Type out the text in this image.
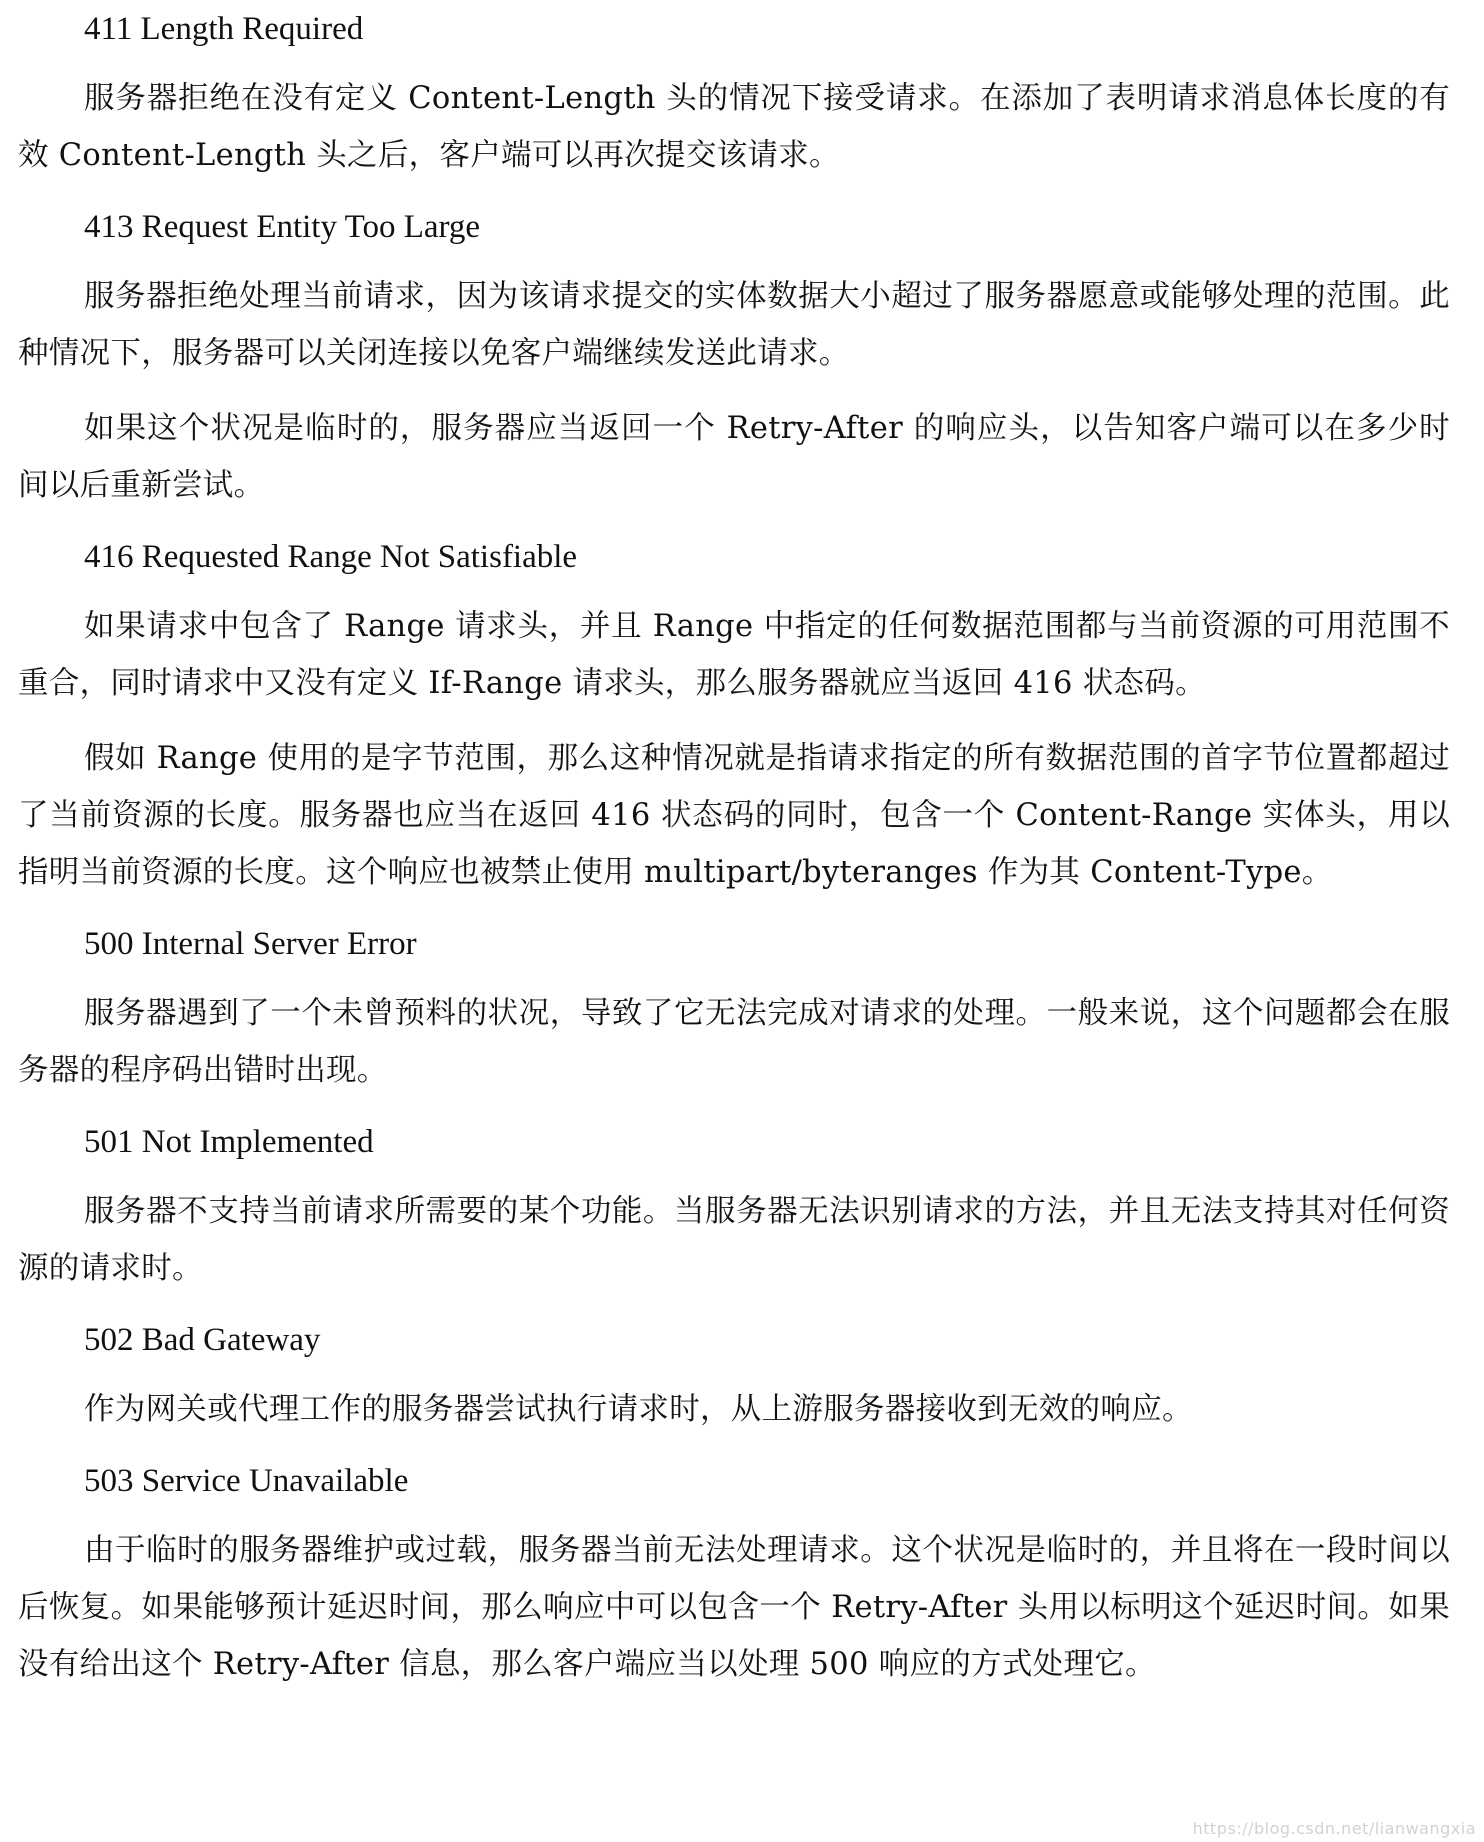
411 Length Required

服务器拒绝在没有定义 Content-Length 头的情况下接受请求。在添加了表明请求消息体长度的有效 Content-Length 头之后，客户端可以再次提交该请求。

413 Request Entity Too Large

服务器拒绝处理当前请求，因为该请求提交的实体数据大小超过了服务器愿意或能够处理的范围。此种情况下，服务器可以关闭连接以免客户端继续发送此请求。

如果这个状况是临时的，服务器应当返回一个 Retry-After 的响应头，以告知客户端可以在多少时间以后重新尝试。

416 Requested Range Not Satisfiable

如果请求中包含了 Range 请求头，并且 Range 中指定的任何数据范围都与当前资源的可用范围不重合，同时请求中又没有定义 If-Range 请求头，那么服务器就应当返回 416 状态码。

假如 Range 使用的是字节范围，那么这种情况就是指请求指定的所有数据范围的首字节位置都超过了当前资源的长度。服务器也应当在返回 416 状态码的同时，包含一个 Content-Range 实体头，用以指明当前资源的长度。这个响应也被禁止使用 multipart/byteranges 作为其 Content-Type。

500 Internal Server Error

服务器遇到了一个未曾预料的状况，导致了它无法完成对请求的处理。一般来说，这个问题都会在服务器的程序码出错时出现。

501 Not Implemented

服务器不支持当前请求所需要的某个功能。当服务器无法识别请求的方法，并且无法支持其对任何资源的请求时。

502 Bad Gateway

作为网关或代理工作的服务器尝试执行请求时，从上游服务器接收到无效的响应。

503 Service Unavailable

由于临时的服务器维护或过载，服务器当前无法处理请求。这个状况是临时的，并且将在一段时间以后恢复。如果能够预计延迟时间，那么响应中可以包含一个 Retry-After 头用以标明这个延迟时间。如果没有给出这个 Retry-After 信息，那么客户端应当以处理 500 响应的方式处理它。

https://blog.csdn.net/lianwangxia
